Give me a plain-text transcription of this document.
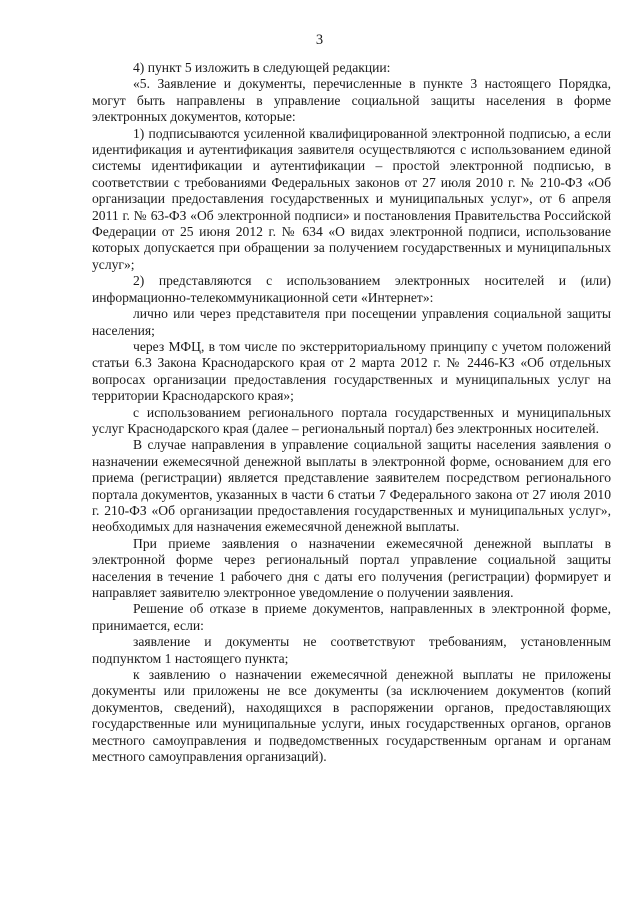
3

4) пункт 5 изложить в следующей редакции:

«5. Заявление и документы, перечисленные в пункте 3 настоящего Порядка, могут быть направлены в управление социальной защиты населения в форме электронных документов, которые:

1) подписываются усиленной квалифицированной электронной подписью, а если идентификация и аутентификация заявителя осуществляются с использованием единой системы идентификации и аутентификации – простой электронной подписью, в соответствии с требованиями Федеральных законов от 27 июля 2010 г. № 210-ФЗ «Об организации предоставления государственных и муниципальных услуг», от 6 апреля 2011 г. № 63-ФЗ «Об электронной подписи» и постановления Правительства Российской Федерации от 25 июня 2012 г. № 634 «О видах электронной подписи, использование которых допускается при обращении за получением государственных и муниципальных услуг»;

2) представляются с использованием электронных носителей и (или) информационно-телекоммуникационной сети «Интернет»:

лично или через представителя при посещении управления социальной защиты населения;

через МФЦ, в том числе по экстерриториальному принципу с учетом положений статьи 6.3 Закона Краснодарского края от 2 марта 2012 г. № 2446-КЗ «Об отдельных вопросах организации предоставления государственных и муниципальных услуг на территории Краснодарского края»;

с использованием регионального портала государственных и муниципальных услуг Краснодарского края (далее – региональный портал) без электронных носителей.

В случае направления в управление социальной защиты населения заявления о назначении ежемесячной денежной выплаты в электронной форме, основанием для его приема (регистрации) является представление заявителем посредством регионального портала документов, указанных в части 6 статьи 7 Федерального закона от 27 июля 2010 г. 210-ФЗ «Об организации предоставления государственных и муниципальных услуг», необходимых для назначения ежемесячной денежной выплаты.

При приеме заявления о назначении ежемесячной денежной выплаты в электронной форме через региональный портал управление социальной защиты населения в течение 1 рабочего дня с даты его получения (регистрации) формирует и направляет заявителю электронное уведомление о получении заявления.

Решение об отказе в приеме документов, направленных в электронной форме, принимается, если:

заявление и документы не соответствуют требованиям, установленным подпунктом 1 настоящего пункта;

к заявлению о назначении ежемесячной денежной выплаты не приложены документы или приложены не все документы (за исключением документов (копий документов, сведений), находящихся в распоряжении органов, предоставляющих государственные или муниципальные услуги, иных государственных органов, органов местного самоуправления и подведомственных государственным органам и органам местного самоуправления организаций).
